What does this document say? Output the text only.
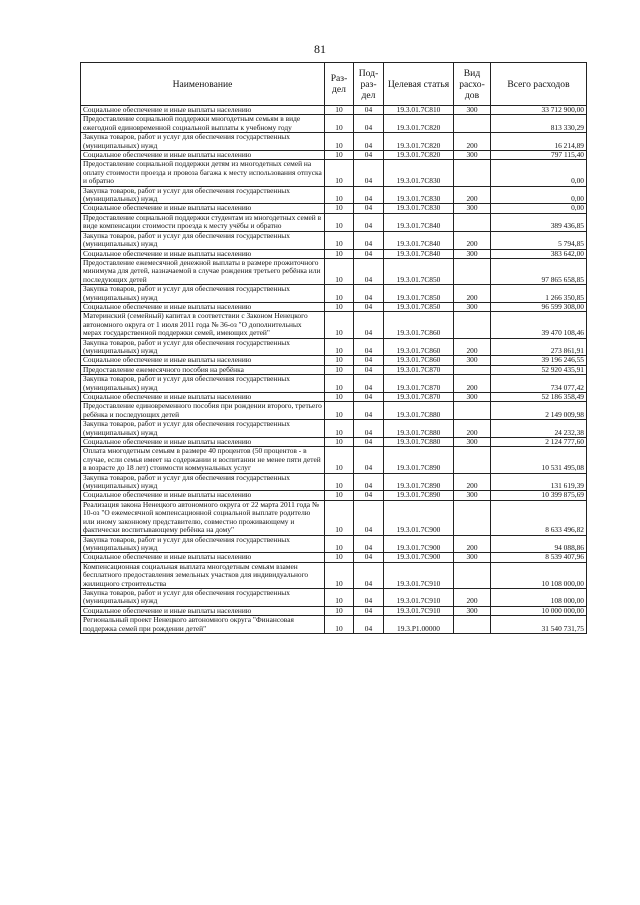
81
Наименование	Раз- дел	Под- раз- дел	Целевая статья	Вид расхо- дов	Всего расходов
Социальное обеспечение и иные выплаты населению	10	04	19.3.01.7С810	300	33 712 900,00
Предоставление социальной поддержки многодетным семьям в виде ежегодной единовременной социальной выплаты к учебному году	10	04	19.3.01.7С820		813 330,29
Закупка товаров, работ и услуг для обеспечения государственных (муниципальных) нужд	10	04	19.3.01.7С820	200	16 214,89
Социальное обеспечение и иные выплаты населению	10	04	19.3.01.7С820	300	797 115,40
Предоставление социальной поддержки детям из многодетных семей на оплату стоимости проезда и провоза багажа к месту использования отпуска и обратно	10	04	19.3.01.7С830		0,00
Закупка товаров, работ и услуг для обеспечения государственных (муниципальных) нужд	10	04	19.3.01.7С830	200	0,00
Социальное обеспечение и иные выплаты населению	10	04	19.3.01.7С830	300	0,00
Предоставление социальной поддержки студентам из многодетных семей в виде компенсации стоимости проезда к месту учёбы и обратно	10	04	19.3.01.7С840		389 436,85
Закупка товаров, работ и услуг для обеспечения государственных (муниципальных) нужд	10	04	19.3.01.7С840	200	5 794,85
Социальное обеспечение и иные выплаты населению	10	04	19.3.01.7С840	300	383 642,00
Предоставление ежемесячной денежной выплаты в размере прожиточного минимума для детей, назначаемой в случае рождения третьего ребёнка или последующих детей	10	04	19.3.01.7С850		97 865 658,85
Закупка товаров, работ и услуг для обеспечения государственных (муниципальных) нужд	10	04	19.3.01.7С850	200	1 266 350,85
Социальное обеспечение и иные выплаты населению	10	04	19.3.01.7С850	300	96 599 308,00
Материнский (семейный) капитал в соответствии с Законом Ненецкого автономного округа от 1 июля 2011 года № 36-оз "О дополнительных мерах государственной поддержки семей, имеющих детей"	10	04	19.3.01.7С860		39 470 108,46
Закупка товаров, работ и услуг для обеспечения государственных (муниципальных) нужд	10	04	19.3.01.7С860	200	273 861,91
Социальное обеспечение и иные выплаты населению	10	04	19.3.01.7С860	300	39 196 246,55
Предоставление ежемесячного пособия на ребёнка	10	04	19.3.01.7С870		52 920 435,91
Закупка товаров, работ и услуг для обеспечения государственных (муниципальных) нужд	10	04	19.3.01.7С870	200	734 077,42
Социальное обеспечение и иные выплаты населению	10	04	19.3.01.7С870	300	52 186 358,49
Предоставление единовременного пособия при рождении второго, третьего ребёнка и последующих детей	10	04	19.3.01.7С880		2 149 009,98
Закупка товаров, работ и услуг для обеспечения государственных (муниципальных) нужд	10	04	19.3.01.7С880	200	24 232,38
Социальное обеспечение и иные выплаты населению	10	04	19.3.01.7С880	300	2 124 777,60
Оплата многодетным семьям в размере 40 процентов (50 процентов - в случае, если семья имеет на содержании и воспитании не менее пяти детей в возрасте до 18 лет) стоимости коммунальных услуг	10	04	19.3.01.7С890		10 531 495,08
Закупка товаров, работ и услуг для обеспечения государственных (муниципальных) нужд	10	04	19.3.01.7С890	200	131 619,39
Социальное обеспечение и иные выплаты населению	10	04	19.3.01.7С890	300	10 399 875,69
Реализация закона Ненецкого автономного округа от 22 марта 2011 года № 10-оз "О ежемесячной компенсационной социальной выплате родителю или иному законному представителю, совместно проживающему и фактически воспитывающему ребёнка на дому"	10	04	19.3.01.7С900		8 633 496,82
Закупка товаров, работ и услуг для обеспечения государственных (муниципальных) нужд	10	04	19.3.01.7С900	200	94 088,86
Социальное обеспечение и иные выплаты населению	10	04	19.3.01.7С900	300	8 539 407,96
Компенсационная социальная выплата многодетным семьям взамен бесплатного предоставления земельных участков для индивидуального жилищного строительства	10	04	19.3.01.7С910		10 108 000,00
Закупка товаров, работ и услуг для обеспечения государственных (муниципальных) нужд	10	04	19.3.01.7С910	200	108 000,00
Социальное обеспечение и иные выплаты населению	10	04	19.3.01.7С910	300	10 000 000,00
Региональный проект Ненецкого автономного округа "Финансовая поддержка семей при рождении детей"	10	04	19.3.P1.00000		31 540 731,75
